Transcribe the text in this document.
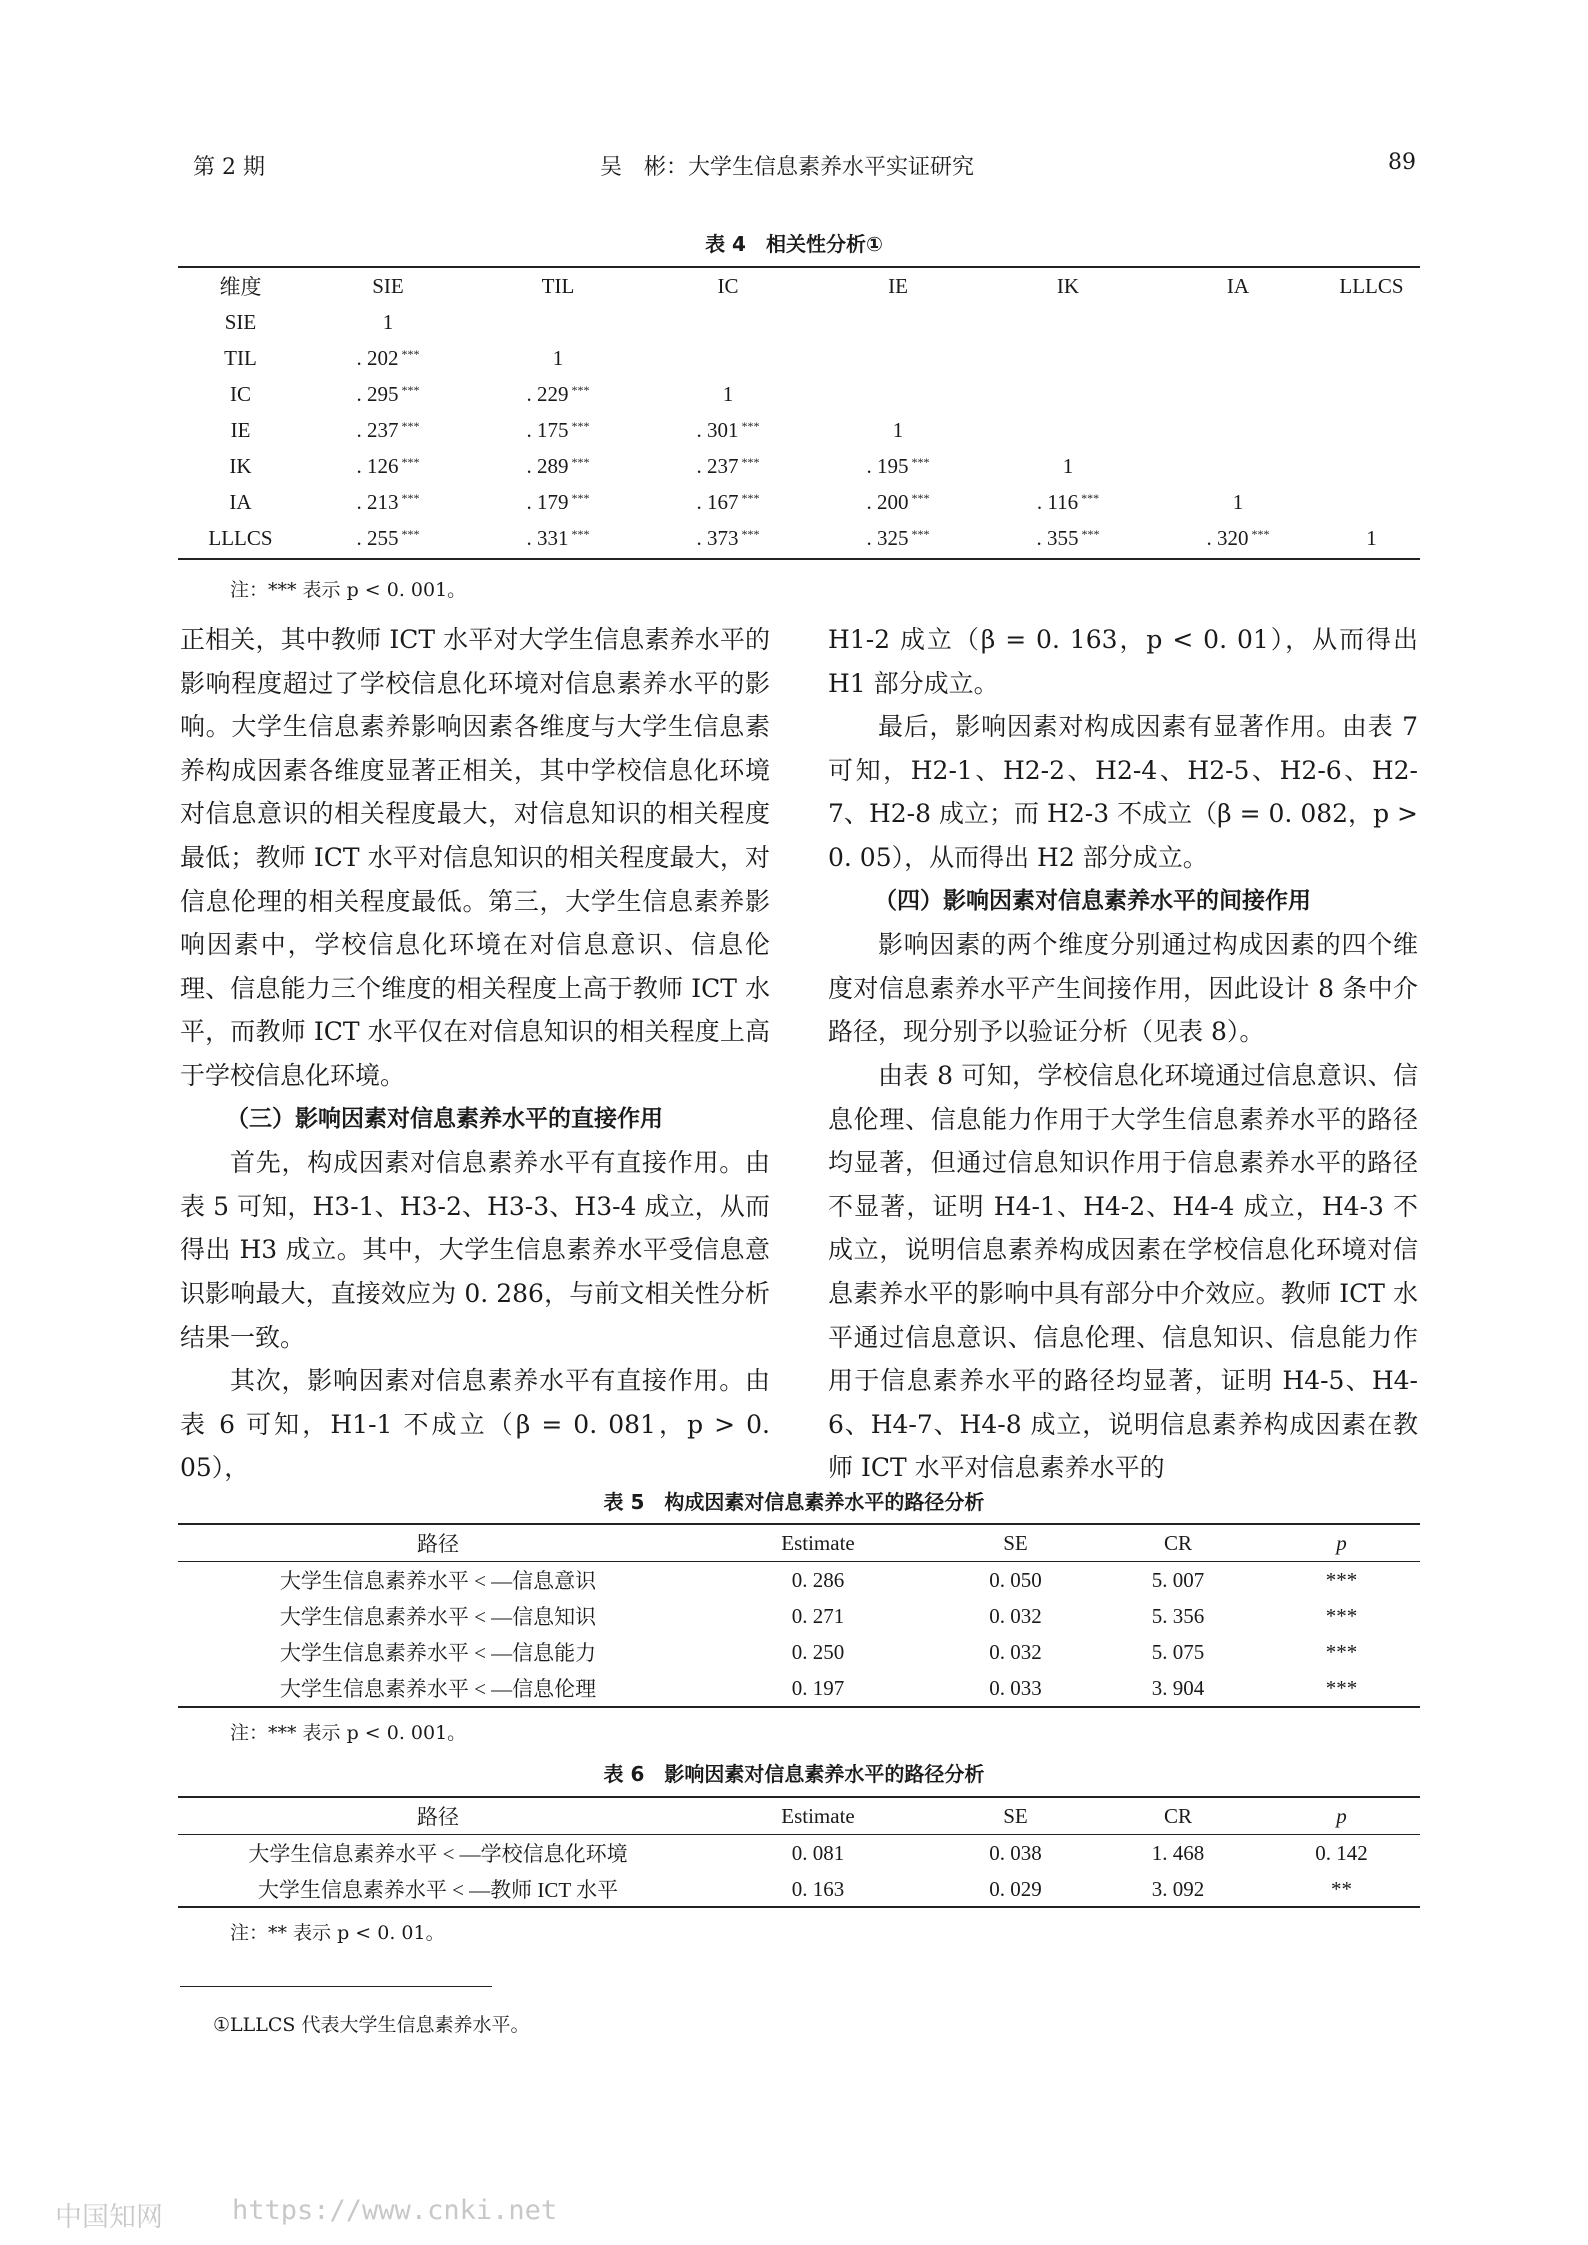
第 2 期	吴　彬：大学生信息素养水平实证研究	89
表 4　相关性分析①
维度	SIE	TIL	IC	IE	IK	IA	LLLCS
SIE	1						
TIL	. 202 ***	1					
IC	. 295 ***	. 229 ***	1				
IE	. 237 ***	. 175 ***	. 301 ***	1			
IK	. 126 ***	. 289 ***	. 237 ***	. 195 ***	1		
IA	. 213 ***	. 179 ***	. 167 ***	. 200 ***	. 116 ***	1	
LLLCS	. 255 ***	. 331 ***	. 373 ***	. 325 ***	. 355 ***	. 320 ***	1
注：*** 表示 p < 0. 001。

正相关，其中教师 ICT 水平对大学生信息素养水平的影响程度超过了学校信息化环境对信息素养水平的影响。大学生信息素养影响因素各维度与大学生信息素养构成因素各维度显著正相关，其中学校信息化环境对信息意识的相关程度最大，对信息知识的相关程度最低；教师 ICT 水平对信息知识的相关程度最大，对信息伦理的相关程度最低。第三，大学生信息素养影响因素中，学校信息化环境在对信息意识、信息伦理、信息能力三个维度的相关程度上高于教师 ICT 水平，而教师 ICT 水平仅在对信息知识的相关程度上高于学校信息化环境。

（三）影响因素对信息素养水平的直接作用

首先，构成因素对信息素养水平有直接作用。由表 5 可知，H3-1、H3-2、H3-3、H3-4 成立，从而得出 H3 成立。其中，大学生信息素养水平受信息意识影响最大，直接效应为 0. 286，与前文相关性分析结果一致。

其次，影响因素对信息素养水平有直接作用。由表 6 可知，H1-1 不成立（β = 0. 081，p > 0. 05），

H1-2 成立（β = 0. 163，p < 0. 01），从而得出 H1 部分成立。

最后，影响因素对构成因素有显著作用。由表 7 可知，H2-1、H2-2、H2-4、H2-5、H2-6、H2-7、H2-8 成立；而 H2-3 不成立（β = 0. 082，p > 0. 05），从而得出 H2 部分成立。

（四）影响因素对信息素养水平的间接作用

影响因素的两个维度分别通过构成因素的四个维度对信息素养水平产生间接作用，因此设计 8 条中介路径，现分别予以验证分析（见表 8）。

由表 8 可知，学校信息化环境通过信息意识、信息伦理、信息能力作用于大学生信息素养水平的路径均显著，但通过信息知识作用于信息素养水平的路径不显著，证明 H4-1、H4-2、H4-4 成立，H4-3 不成立，说明信息素养构成因素在学校信息化环境对信息素养水平的影响中具有部分中介效应。教师 ICT 水平通过信息意识、信息伦理、信息知识、信息能力作用于信息素养水平的路径均显著，证明 H4-5、H4-6、H4-7、H4-8 成立，说明信息素养构成因素在教师 ICT 水平对信息素养水平的

表 5　构成因素对信息素养水平的路径分析
路径	Estimate	SE	CR	p
大学生信息素养水平 < —信息意识	0. 286	0. 050	5. 007	***
大学生信息素养水平 < —信息知识	0. 271	0. 032	5. 356	***
大学生信息素养水平 < —信息能力	0. 250	0. 032	5. 075	***
大学生信息素养水平 < —信息伦理	0. 197	0. 033	3. 904	***
注：*** 表示 p < 0. 001。
表 6　影响因素对信息素养水平的路径分析
路径	Estimate	SE	CR	p
大学生信息素养水平 < —学校信息化环境	0. 081	0. 038	1. 468	0. 142
大学生信息素养水平 < —教师 ICT 水平	0. 163	0. 029	3. 092	**
注：** 表示 p < 0. 01。
①LLLCS 代表大学生信息素养水平。
中国知网	https://www.cnki.net
